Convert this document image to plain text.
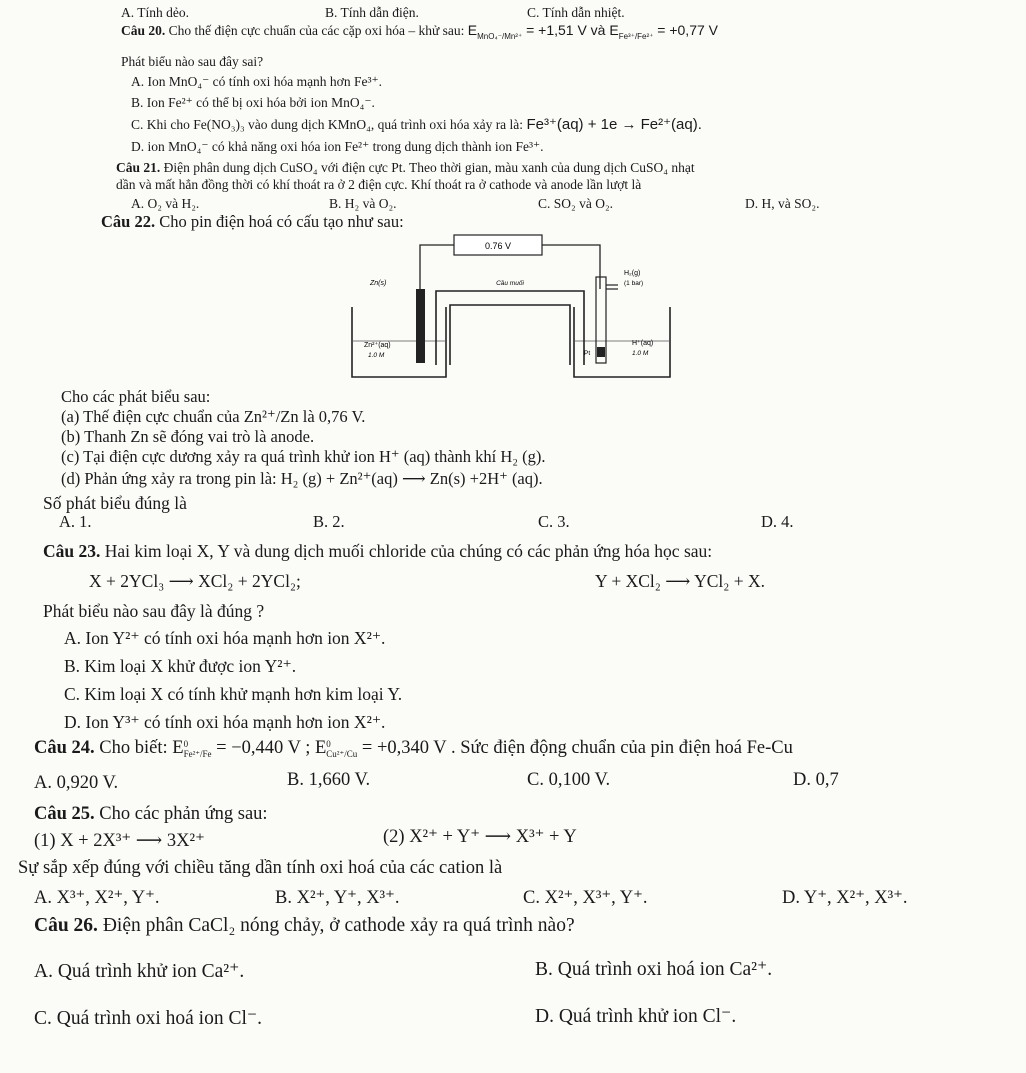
A. Tính dẻo.	B. Tính dẫn điện.	C. Tính dẫn nhiệt.
Câu 20. Cho thế điện cực chuẩn của các cặp oxi hóa – khử sau: $E_{MnO_4^-/Mn^{2+}} = +1,51$ V và $E_{Fe^{3+}/Fe^{2+}} = +0,77$ V
Phát biểu nào sau đây sai?
A. Ion MnO₄⁻ có tính oxi hóa mạnh hơn Fe³⁺.
B. Ion Fe²⁺ có thể bị oxi hóa bởi ion MnO₄⁻.
C. Khi cho Fe(NO₃)₃ vào dung dịch KMnO₄, quá trình oxi hóa xảy ra là: Fe³⁺(aq) + 1e → Fe²⁺(aq).
D. ion MnO₄⁻ có khả năng oxi hóa ion Fe²⁺ trong dung dịch thành ion Fe³⁺.
Câu 21. Điện phân dung dịch CuSO₄ với điện cực Pt. Theo thời gian, màu xanh của dung dịch CuSO₄ nhạt
dần và mất hẳn đồng thời có khí thoát ra ở 2 điện cực. Khí thoát ra ở cathode và anode lần lượt là
A. O₂ và H₂.	B. H₂ và O₂.	C. SO₂ và O₂.	D. H, và SO₂.
Câu 22. Cho pin điện hoá có cấu tạo như sau:
0.76 V
Zn(s)	Cầu muối
H₂(g)
(1 bar)
Zn²⁺(aq)
1.0 M	Pt
H⁺(aq)
1.0 M
Cho các phát biểu sau:
(a) Thế điện cực chuẩn của Zn²⁺/Zn là 0,76 V.
(b) Thanh Zn sẽ đóng vai trò là anode.
(c) Tại điện cực dương xảy ra quá trình khử ion H⁺ (aq) thành khí H₂ (g).
(d) Phản ứng xảy ra trong pin là: H₂ (g) + Zn²⁺(aq) ⟶ Zn(s) +2H⁺ (aq).
Số phát biểu đúng là
A. 1.	B. 2.	C. 3.	D. 4.
Câu 23. Hai kim loại X, Y và dung dịch muối chloride của chúng có các phản ứng hóa học sau:
X + 2YCl₃ ⟶ XCl₂ + 2YCl₂;	Y + XCl₂ ⟶ YCl₂ + X.
Phát biểu nào sau đây là đúng ?
A. Ion Y²⁺ có tính oxi hóa mạnh hơn ion X²⁺.
B. Kim loại X khử được ion Y²⁺.
C. Kim loại X có tính khử mạnh hơn kim loại Y.
D. Ion Y³⁺ có tính oxi hóa mạnh hơn ion X²⁺.
Câu 24. Cho biết: E 0
Fe²⁺/Fe = −0,440 V ; E 0
Cu²⁺/Cu = +0,340 V . Sức điện động chuẩn của pin điện hoá Fe-Cu
A. 0,920 V.	B. 1,660 V.	C. 0,100 V.	D. 0,7
Câu 25. Cho các phản ứng sau:
(1) X + 2X³⁺ ⟶ 3X²⁺	(2) X²⁺ + Y⁺ ⟶ X³⁺ + Y
Sự sắp xếp đúng với chiều tăng dần tính oxi hoá của các cation là
A. X³⁺, X²⁺, Y⁺.	B. X²⁺, Y⁺, X³⁺.	C. X²⁺, X³⁺, Y⁺.	D. Y⁺, X²⁺, X³⁺.
Câu 26. Điện phân CaCl₂ nóng chảy, ở cathode xảy ra quá trình nào?
A. Quá trình khử ion Ca²⁺.	B. Quá trình oxi hoá ion Ca²⁺.
C. Quá trình oxi hoá ion Cl⁻.	D. Quá trình khử ion Cl⁻.
